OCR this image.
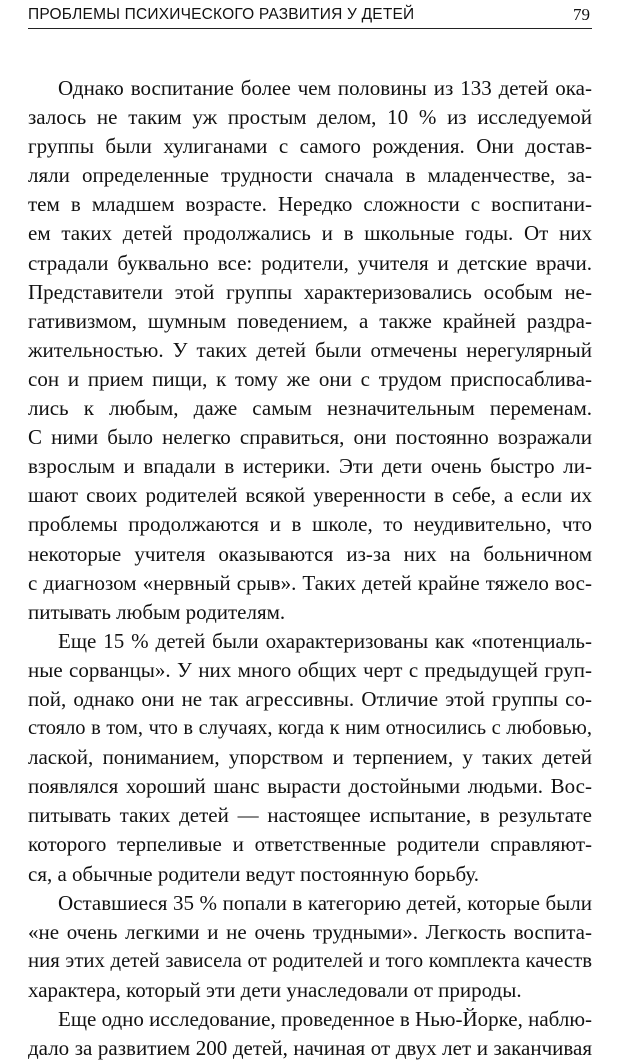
ПРОБЛЕМЫ ПСИХИЧЕСКОГО РАЗВИТИЯ У ДЕТЕЙ	79
Однако воспитание более чем половины из 133 детей ока-
залось не таким уж простым делом, 10 % из исследуемой
группы были хулиганами с самого рождения. Они достав-
ляли определенные трудности сначала в младенчестве, за-
тем в младшем возрасте. Нередко сложности с воспитани-
ем таких детей продолжались и в школьные годы. От них
страдали буквально все: родители, учителя и детские врачи.
Представители этой группы характеризовались особым не-
гативизмом, шумным поведением, а также крайней раздра-
жительностью. У таких детей были отмечены нерегулярный
сон и прием пищи, к тому же они с трудом приспосабливa-
лись к любым, даже самым незначительным переменам.
С ними было нелегко справиться, они постоянно возражали
взрослым и впадали в истерики. Эти дети очень быстро ли-
шают своих родителей всякой уверенности в себе, а если их
проблемы продолжаются и в школе, то неудивительно, что
некоторые учителя оказываются из-за них на больничном
с диагнозом «нервный срыв». Таких детей крайне тяжело вос-
питывать любым родителям.
Еще 15 % детей были охарактеризованы как «потенциаль-
ные сорванцы». У них много общих черт с предыдущей груп-
пой, однако они не так агрессивны. Отличие этой группы со-
стояло в том, что в случаях, когда к ним относились с любовью,
лаской, пониманием, упорством и терпением, у таких детей
появлялся хороший шанс вырасти достойными людьми. Вос-
питывать таких детей — настоящее испытание, в результате
которого терпеливые и ответственные родители справляют-
ся, а обычные родители ведут постоянную борьбу.
Оставшиеся 35 % попали в категорию детей, которые были
«не очень легкими и не очень трудными». Легкость воспита-
ния этих детей зависела от родителей и того комплекта качеств
характера, который эти дети унаследовали от природы.
Еще одно исследование, проведенное в Нью-Йорке, наблю-
дало за развитием 200 детей, начиная от двух лет и заканчивая
